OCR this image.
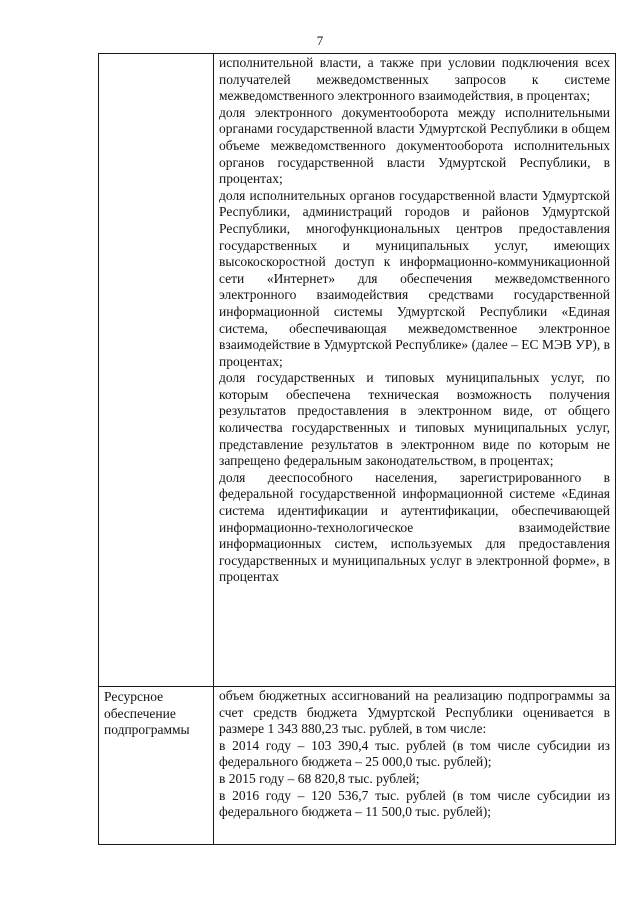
7

	исполнительной власти, а также при условии подключения всех получателей межведомственных запросов к системе межведомственного электронного взаимодействия, в процентах;

доля электронного документооборота между исполнительными органами государственной власти Удмуртской Республики в общем объеме межведомственного документооборота исполнительных органов государственной власти Удмуртской Республики, в процентах;

доля исполнительных органов государственной власти Удмуртской Республики, администраций городов и районов Удмуртской Республики, многофункциональных центров предоставления государственных и муниципальных услуг, имеющих высокоскоростной доступ к информационно-коммуникационной сети «Интернет» для обеспечения межведомственного электронного взаимодействия средствами государственной информационной системы Удмуртской Республики «Единая система, обеспечивающая межведомственное электронное взаимодействие в Удмуртской Республике» (далее – ЕС МЭВ УР), в процентах;

доля государственных и типовых муниципальных услуг, по которым обеспечена техническая возможность получения результатов предоставления в электронном виде, от общего количества государственных и типовых муниципальных услуг, представление результатов в электронном виде по которым не запрещено федеральным законодательством, в процентах;

доля дееспособного населения, зарегистрированного в федеральной государственной информационной системе «Единая система идентификации и аутентификации, обеспечивающей информационно-технологическое взаимодействие информационных систем, используемых для предоставления государственных и муниципальных услуг в электронной форме», в процентах

Ресурсное обеспечение подпрограммы	объем бюджетных ассигнований на реализацию подпрограммы за счет средств бюджета Удмуртской Республики оценивается в размере 1 343 880,23 тыс. рублей, в том числе:

в 2014 году – 103 390,4 тыс. рублей (в том числе субсидии из федерального бюджета – 25 000,0 тыс. рублей);

в 2015 году – 68 820,8 тыс. рублей;

в 2016 году – 120 536,7 тыс. рублей (в том числе субсидии из федерального бюджета – 11 500,0 тыс. рублей);
